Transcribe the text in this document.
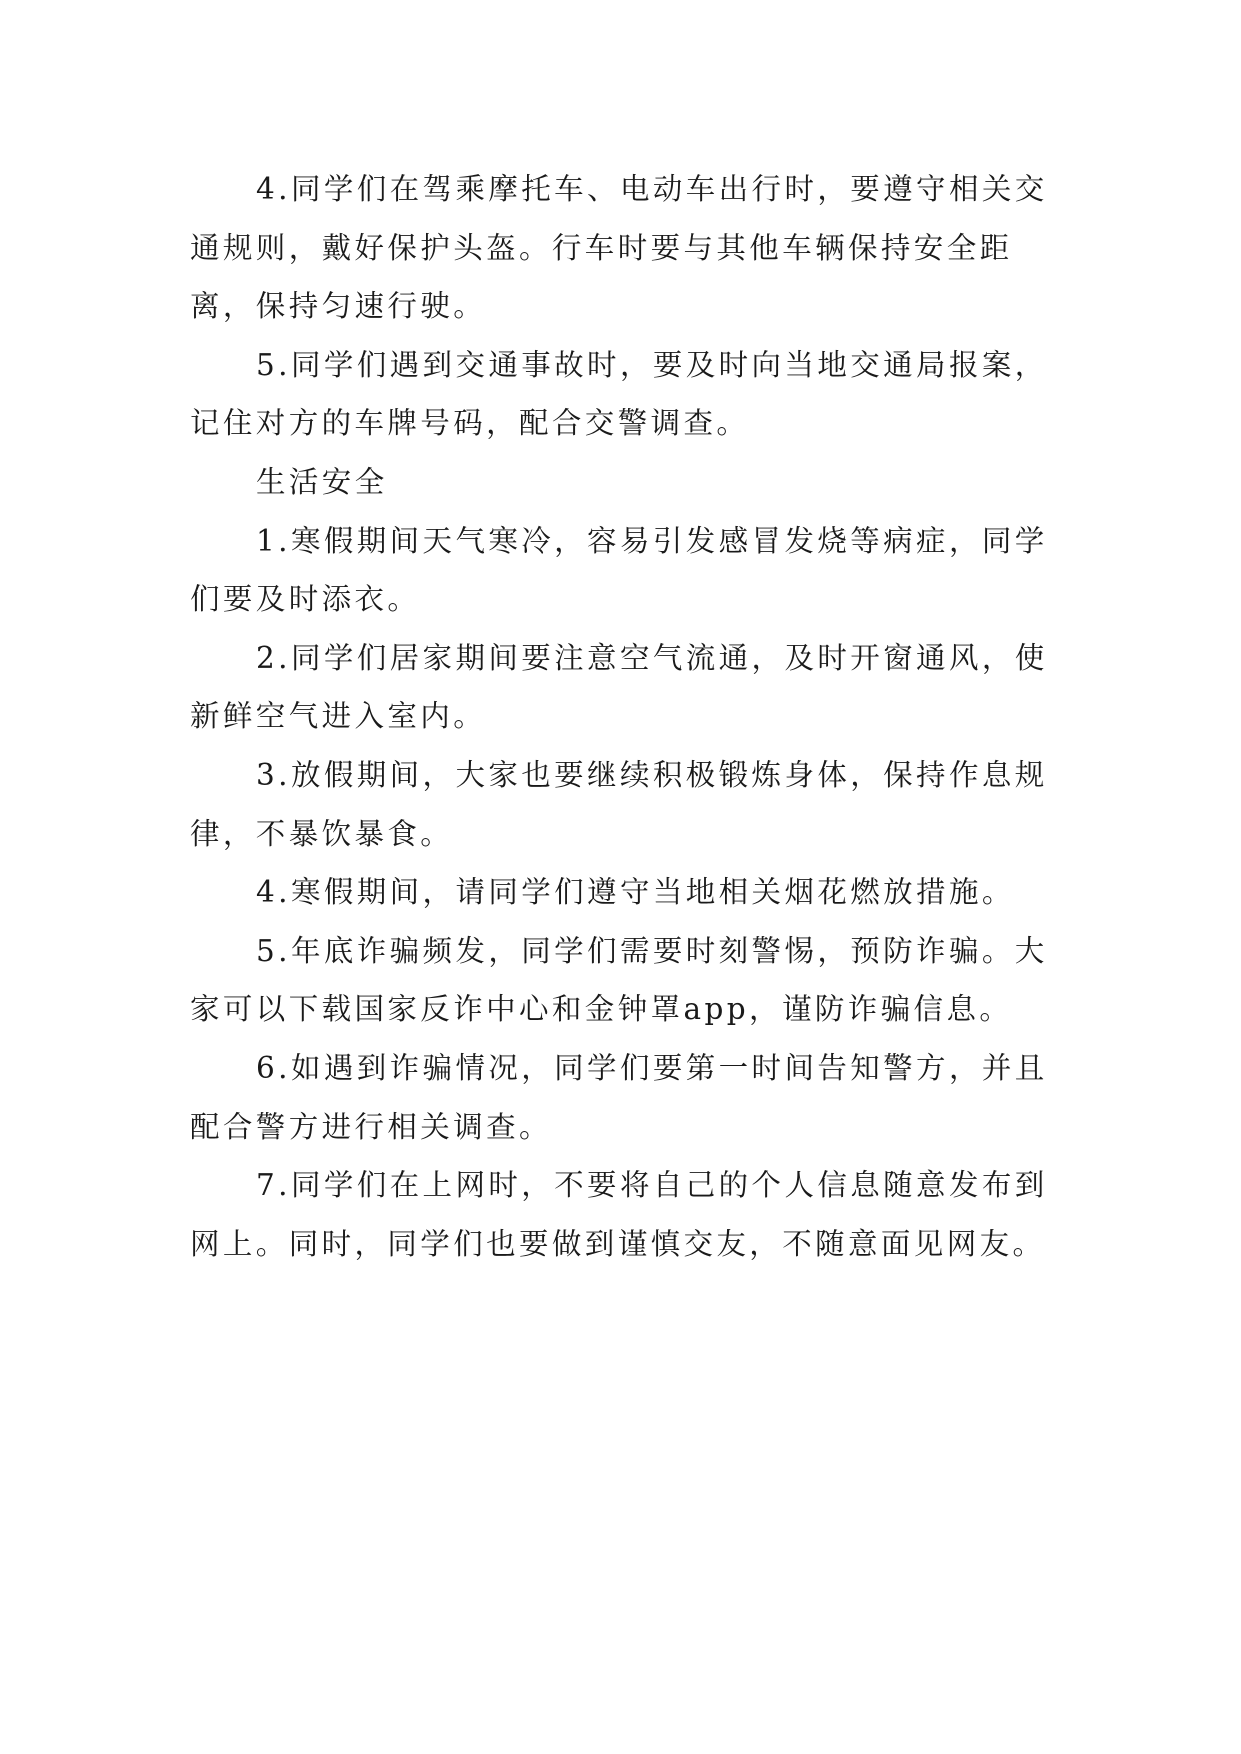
4.同学们在驾乘摩托车、电动车出行时，要遵守相关交通规则，戴好保护头盔。行车时要与其他车辆保持安全距离，保持匀速行驶。

5.同学们遇到交通事故时，要及时向当地交通局报案，记住对方的车牌号码，配合交警调查。

生活安全

1.寒假期间天气寒冷，容易引发感冒发烧等病症，同学们要及时添衣。

2.同学们居家期间要注意空气流通，及时开窗通风，使新鲜空气进入室内。

3.放假期间，大家也要继续积极锻炼身体，保持作息规律，不暴饮暴食。

4.寒假期间，请同学们遵守当地相关烟花燃放措施。

5.年底诈骗频发，同学们需要时刻警惕，预防诈骗。大家可以下载国家反诈中心和金钟罩app，谨防诈骗信息。

6.如遇到诈骗情况，同学们要第一时间告知警方，并且配合警方进行相关调查。

7.同学们在上网时，不要将自己的个人信息随意发布到网上。同时，同学们也要做到谨慎交友，不随意面见网友。
